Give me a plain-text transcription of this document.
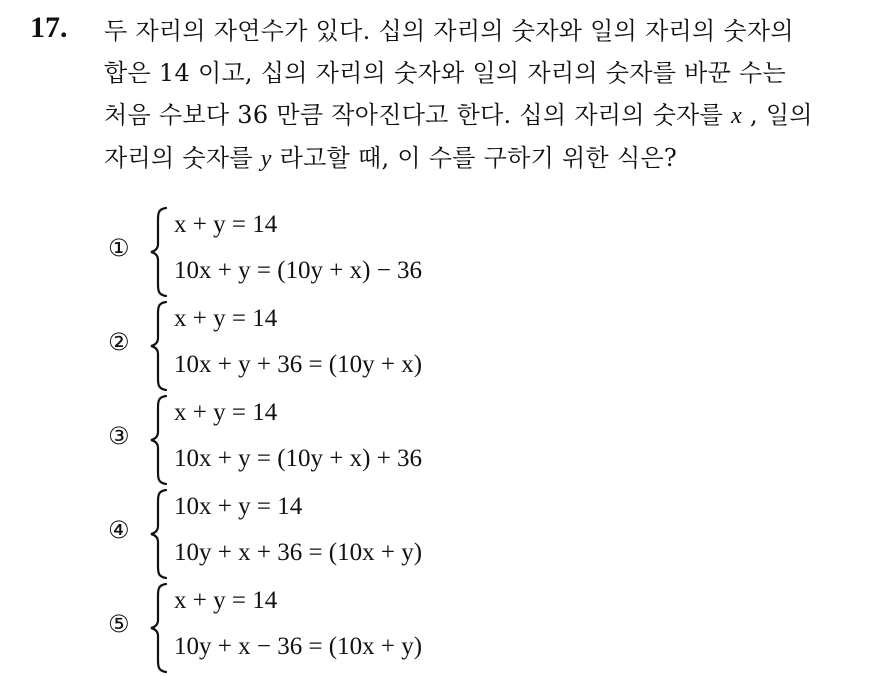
17. 두 자리의 자연수가 있다. 십의 자리의 숫자와 일의 자리의 숫자의
합은 14 이고, 십의 자리의 숫자와 일의 자리의 숫자를 바꾼 수는
처음 수보다 36 만큼 작아진다고 한다. 십의 자리의 숫자를 x , 일의
자리의 숫자를 y 라고할 때, 이 수를 구하기 위한 식은?

①
x + y = 14
10x + y = (10y + x) − 36
②
x + y = 14
10x + y + 36 = (10y + x)
③
x + y = 14
10x + y = (10y + x) + 36
④
10x + y = 14
10y + x + 36 = (10x + y)
⑤
x + y = 14
10y + x − 36 = (10x + y)
